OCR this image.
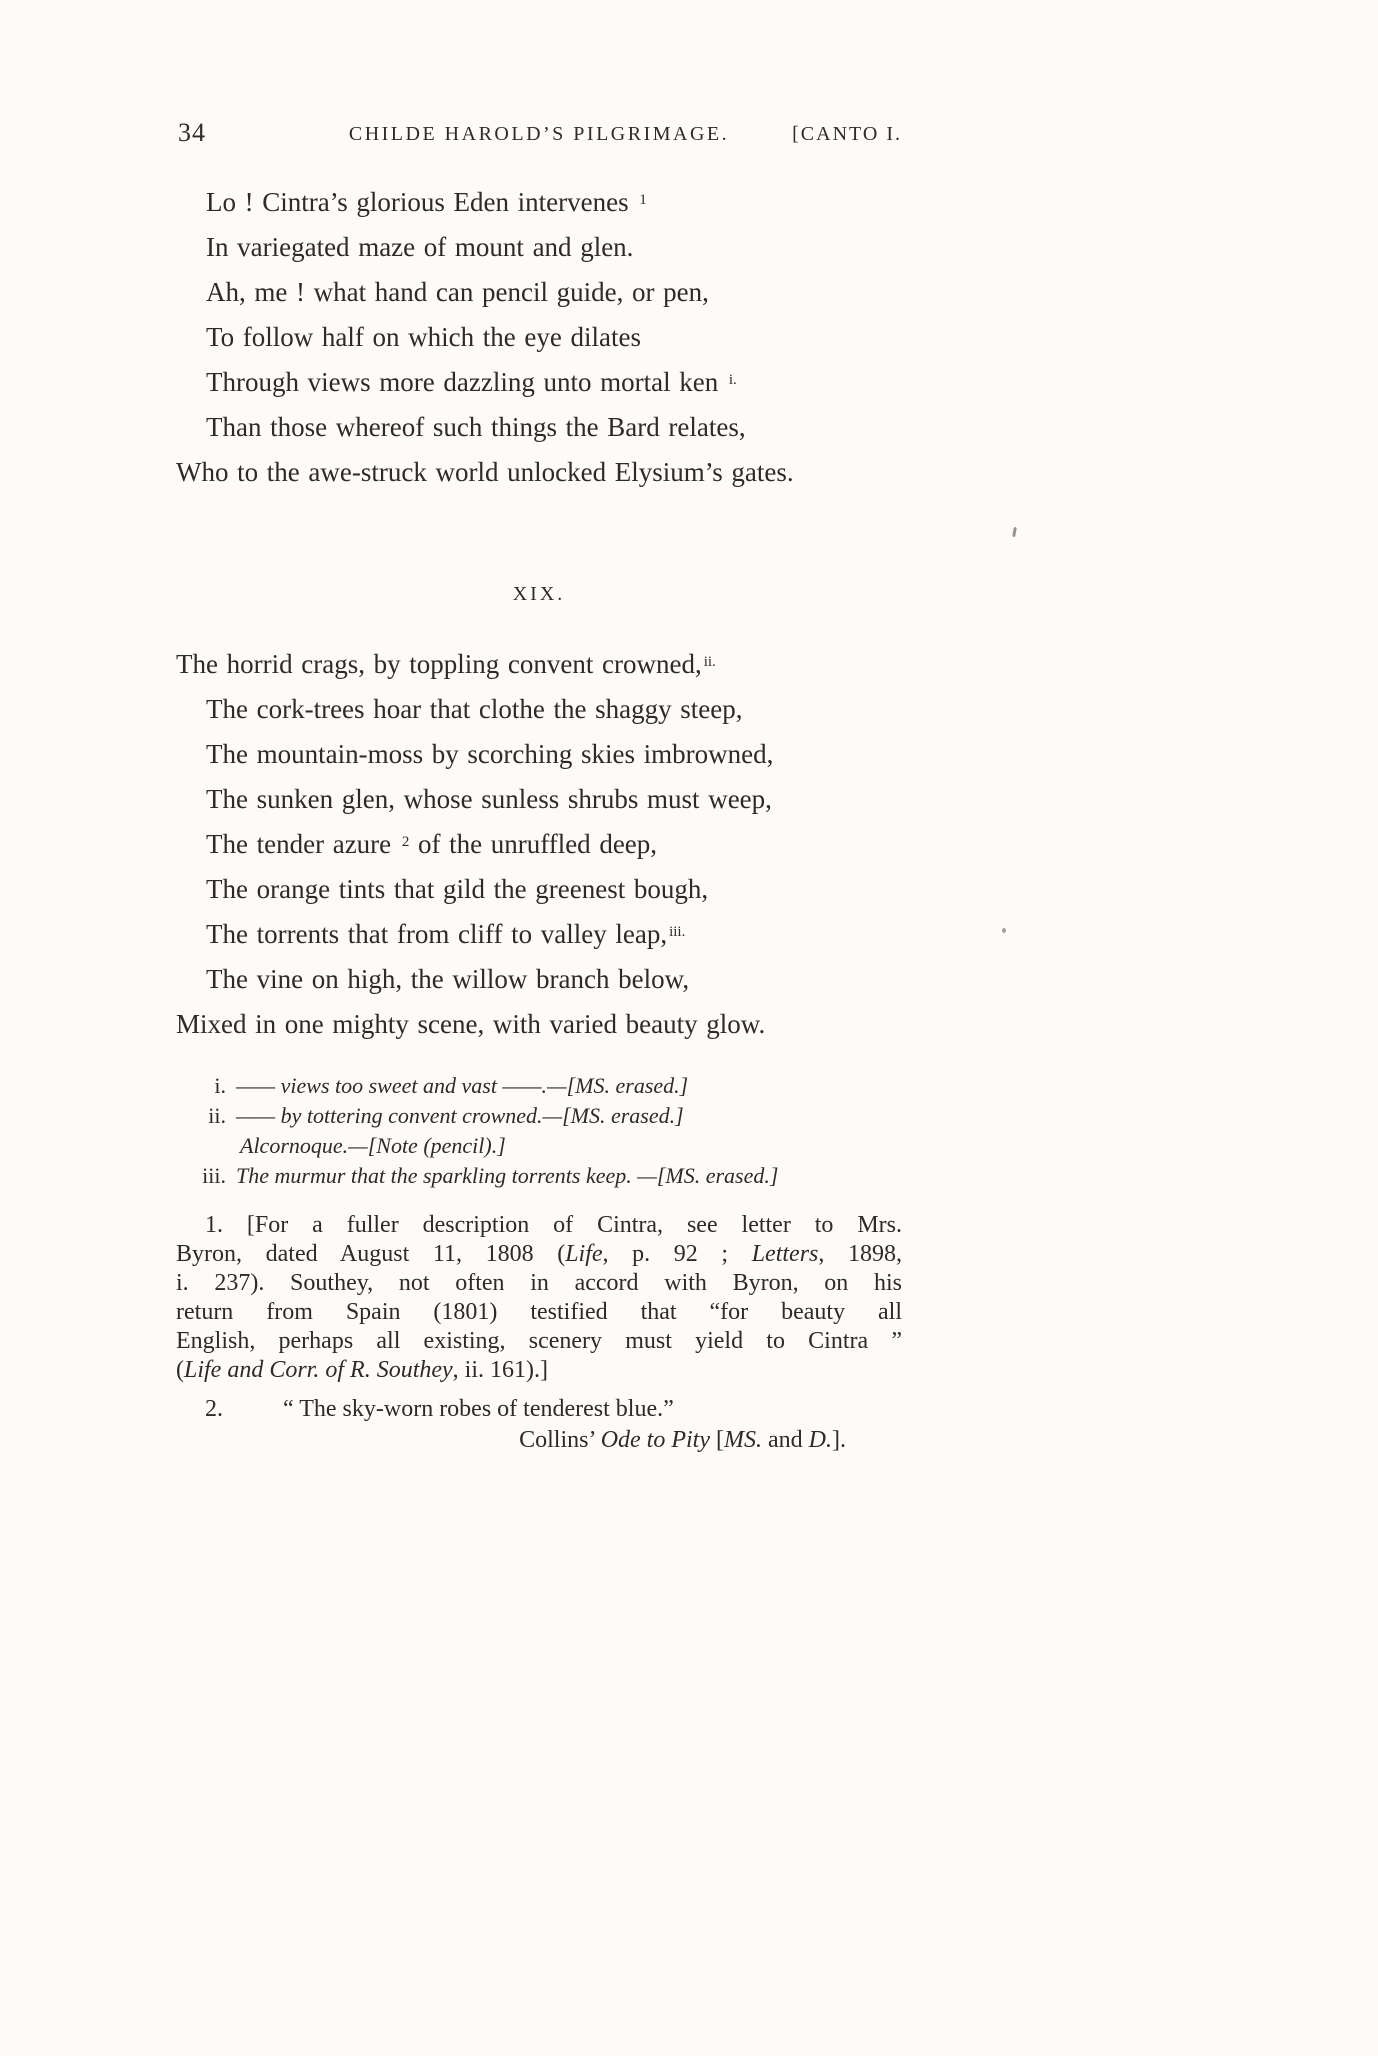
34	CHILDE HAROLD’S PILGRIMAGE.	[CANTO I.
Lo ! Cintra’s glorious Eden intervenes $^1$
In variegated maze of mount and glen.
Ah, me ! what hand can pencil guide, or pen,
To follow half on which the eye dilates
Through views more dazzling unto mortal ken $^{i.}$
Than those whereof such things the Bard relates,
Who to the awe-struck world unlocked Elysium’s gates.
XIX.
The horrid crags, by toppling convent crowned, $^{ii.}$
The cork-trees hoar that clothe the shaggy steep,
The mountain-moss by scorching skies imbrowned,
The sunken glen, whose sunless shrubs must weep,
The tender azure $^2$ of the unruffled deep,
The orange tints that gild the greenest bough,
The torrents that from cliff to valley leap, $^{iii.}$
The vine on high, the willow branch below,
Mixed in one mighty scene, with varied beauty glow.
i. —— views too sweet and vast ——.—[MS. erased.]
ii. —— by tottering convent crowned.—[MS. erased.]
Alcornoque.—[Note (pencil).]
iii. The murmur that the sparkling torrents keep. —[MS. erased.]
1. [For a fuller description of Cintra, see letter to Mrs.
Byron, dated August 11, 1808 (Life, p. 92 ; Letters, 1898,
i. 237). Southey, not often in accord with Byron, on his
return from Spain (1801) testified that “for beauty all
English, perhaps all existing, scenery must yield to Cintra ”
(Life and Corr. of R. Southey, ii. 161).]
2.	“ The sky-worn robes of tenderest blue.”
Collins’ Ode to Pity [MS. and D.].
